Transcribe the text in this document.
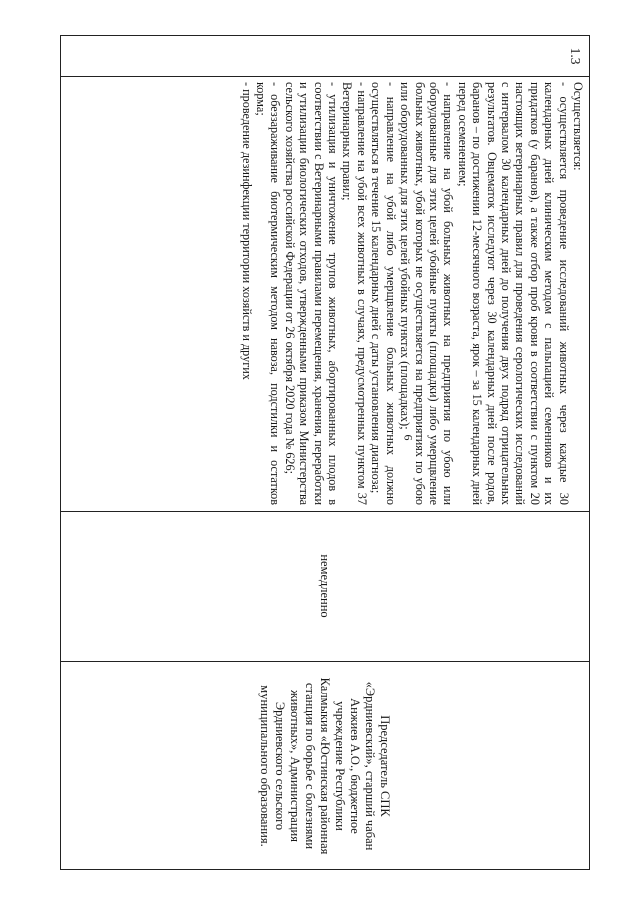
1.3

Осуществляется:

- осуществляется проведение исследований животных через каждые 30 календарных дней клиническим методом с пальпацией семенников и их придатков (у баранов), а также отбор проб крови в соответствии с пунктом 20 настоящих ветеринарных правил для проведения серологических исследований с интервалом 30 календарных дней до получения двух подряд отрицательных результатов. Овцематок исследуют через 30 календарных дней после родов, баранов – по достижении 12-месячного возраста, ярок – за 15 календарных дней перед осеменением;

- направление на убой больных животных на предприятия по убою или оборудованные для этих целей убойные пункты (площадки) либо умерщвление больных животных, убой которых не осуществляется на предприятиях по убою или оборудованных для этих целей убойных пунктах (площадках);

- направление на убой либо умерщвление больных животных должно осуществляться в течение 15 календарных дней с даты установления диагноза;

- направление на убой всех животных в случаях, предусмотренных пунктом 37 Ветеринарных правил;

- утилизация и уничтожение трупов животных, абортированных плодов в соответствии с Ветеринарными правилами перемещения, хранения, переработки и утилизации биологических отходов, утвержденными приказом Министерства сельского хозяйства российской Федерации от 26 октября 2020 года № 626;

- обеззараживание биотермическим методом навоза, подстилки и остатков корма;

- проведение дезинфекции территории хозяйств и других

немедленно
Председатель СПК «Эрдниевский», старший чабан Анжиев А.О., бюджетное учреждение Республики Калмыкия «Юстинская районная станция по борьбе с болезнями животных», Администрация Эрдниевского сельского муниципального образования.
6
